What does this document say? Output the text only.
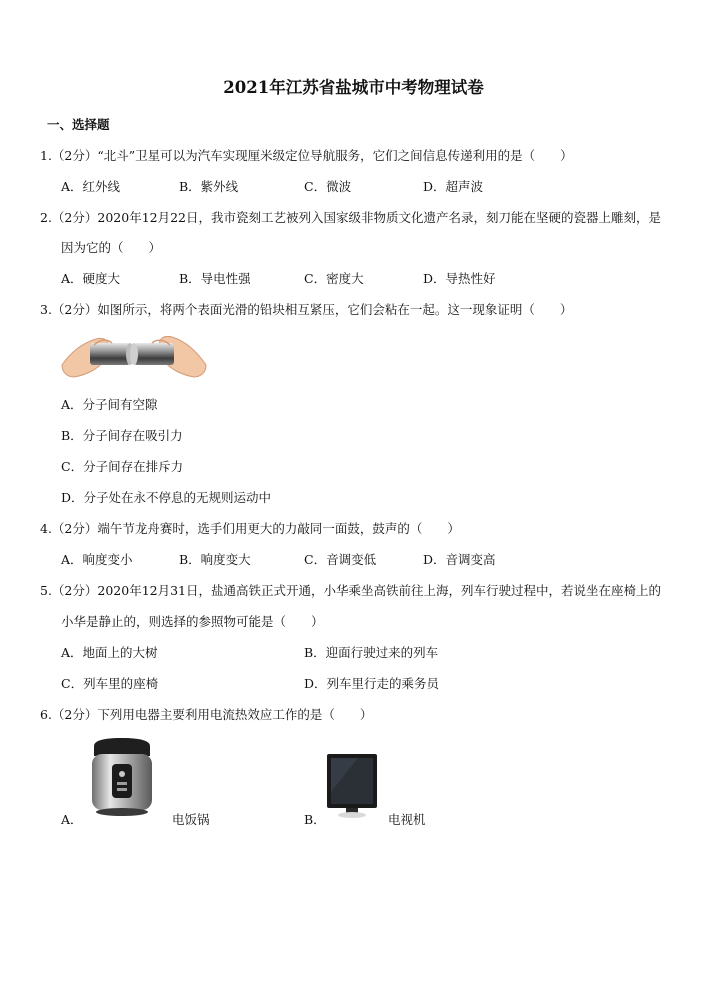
2021年江苏省盐城市中考物理试卷
一、选择题
1.（2分）“北斗”卫星可以为汽车实现厘米级定位导航服务，它们之间信息传递利用的是（　　）
A．红外线	B．紫外线	C．微波	D．超声波
2.（2分）2020年12月22日，我市瓷刻工艺被列入国家级非物质文化遗产名录，刻刀能在坚硬的瓷器上雕刻，是
因为它的（　　）
A．硬度大	B．导电性强	C．密度大	D．导热性好
3.（2分）如图所示，将两个表面光滑的铅块相互紧压，它们会粘在一起。这一现象证明（　　）
A．分子间有空隙
B．分子间存在吸引力
C．分子间存在排斥力
D．分子处在永不停息的无规则运动中
4.（2分）端午节龙舟赛时，选手们用更大的力敲同一面鼓，鼓声的（　　）
A．响度变小	B．响度变大	C．音调变低	D．音调变高
5.（2分）2020年12月31日，盐通高铁正式开通，小华乘坐高铁前往上海，列车行驶过程中，若说坐在座椅上的
小华是静止的，则选择的参照物可能是（　　）
A．地面上的大树	B．迎面行驶过来的列车
C．列车里的座椅	D．列车里行走的乘务员
6.（2分）下列用电器主要利用电流热效应工作的是（　　）
A．	电饭锅	B．	电视机
